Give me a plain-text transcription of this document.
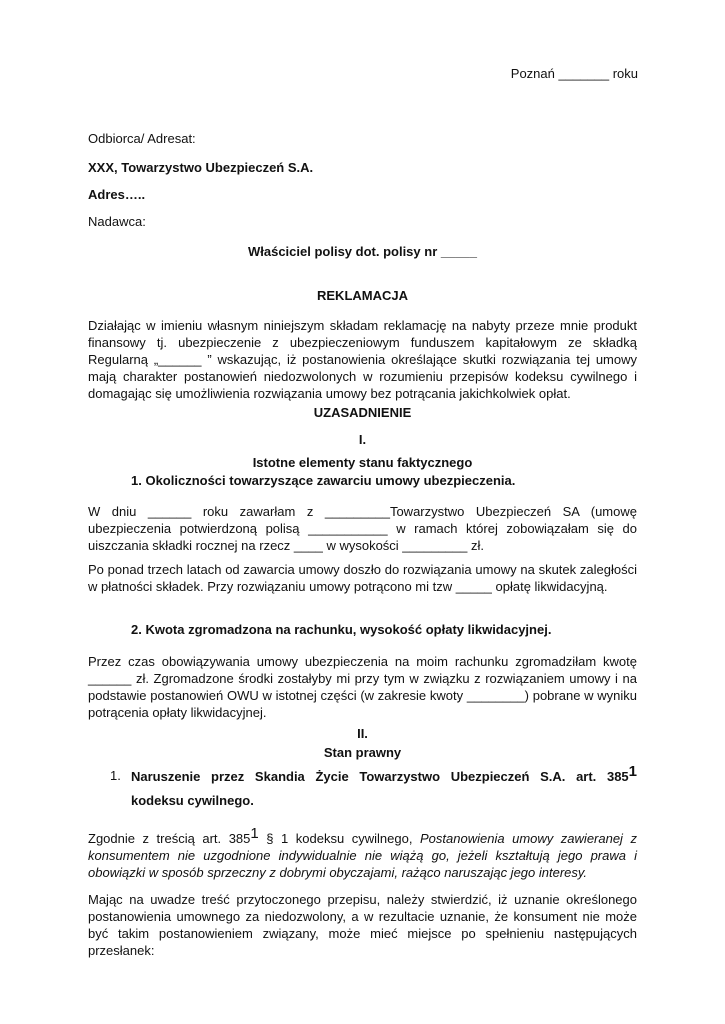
Poznań _______ roku
Odbiorca/ Adresat:
XXX, Towarzystwo Ubezpieczeń S.A.
Adres…..
Nadawca:
Właściciel polisy dot. polisy nr _____
REKLAMACJA
Działając w imieniu własnym niniejszym składam reklamację na nabyty przeze mnie produkt finansowy tj. ubezpieczenie z ubezpieczeniowym funduszem kapitałowym ze składką Regularną „______ ” wskazując, iż postanowienia określające skutki rozwiązania tej umowy mają charakter postanowień niedozwolonych w rozumieniu przepisów kodeksu cywilnego i domagając się umożliwienia rozwiązania umowy bez potrącania jakichkolwiek opłat.
UZASADNIENIE
I.
Istotne elementy stanu faktycznego
1. Okoliczności towarzyszące zawarciu umowy ubezpieczenia.
W dniu ______ roku zawarłam z _________Towarzystwo Ubezpieczeń SA (umowę ubezpieczenia potwierdzoną polisą ___________ w ramach której zobowiązałam się do uiszczania składki rocznej na rzecz ____ w wysokości _________ zł.
Po ponad trzech latach od zawarcia umowy doszło do rozwiązania umowy na skutek zaległości w płatności składek. Przy rozwiązaniu umowy potrącono mi tzw _____ opłatę likwidacyjną.
2. Kwota zgromadzona na rachunku, wysokość opłaty likwidacyjnej.
Przez czas obowiązywania umowy ubezpieczenia na moim rachunku zgromadziłam kwotę ______ zł. Zgromadzone środki zostałyby mi przy tym w związku z rozwiązaniem umowy i na podstawie postanowień OWU w istotnej części (w zakresie kwoty ________) pobrane w wyniku potrącenia opłaty likwidacyjnej.
II.
Stan prawny
1. Naruszenie przez Skandia Życie Towarzystwo Ubezpieczeń S.A. art. 3851
kodeksu cywilnego.
Zgodnie z treścią art. 3851 § 1 kodeksu cywilnego, Postanowienia umowy zawieranej z konsumentem nie uzgodnione indywidualnie nie wiążą go, jeżeli kształtują jego prawa i obowiązki w sposób sprzeczny z dobrymi obyczajami, rażąco naruszając jego interesy.
Mając na uwadze treść przytoczonego przepisu, należy stwierdzić, iż uznanie określonego postanowienia umownego za niedozwolony, a w rezultacie uznanie, że konsument nie może być takim postanowieniem związany, może mieć miejsce po spełnieniu następujących przesłanek:
